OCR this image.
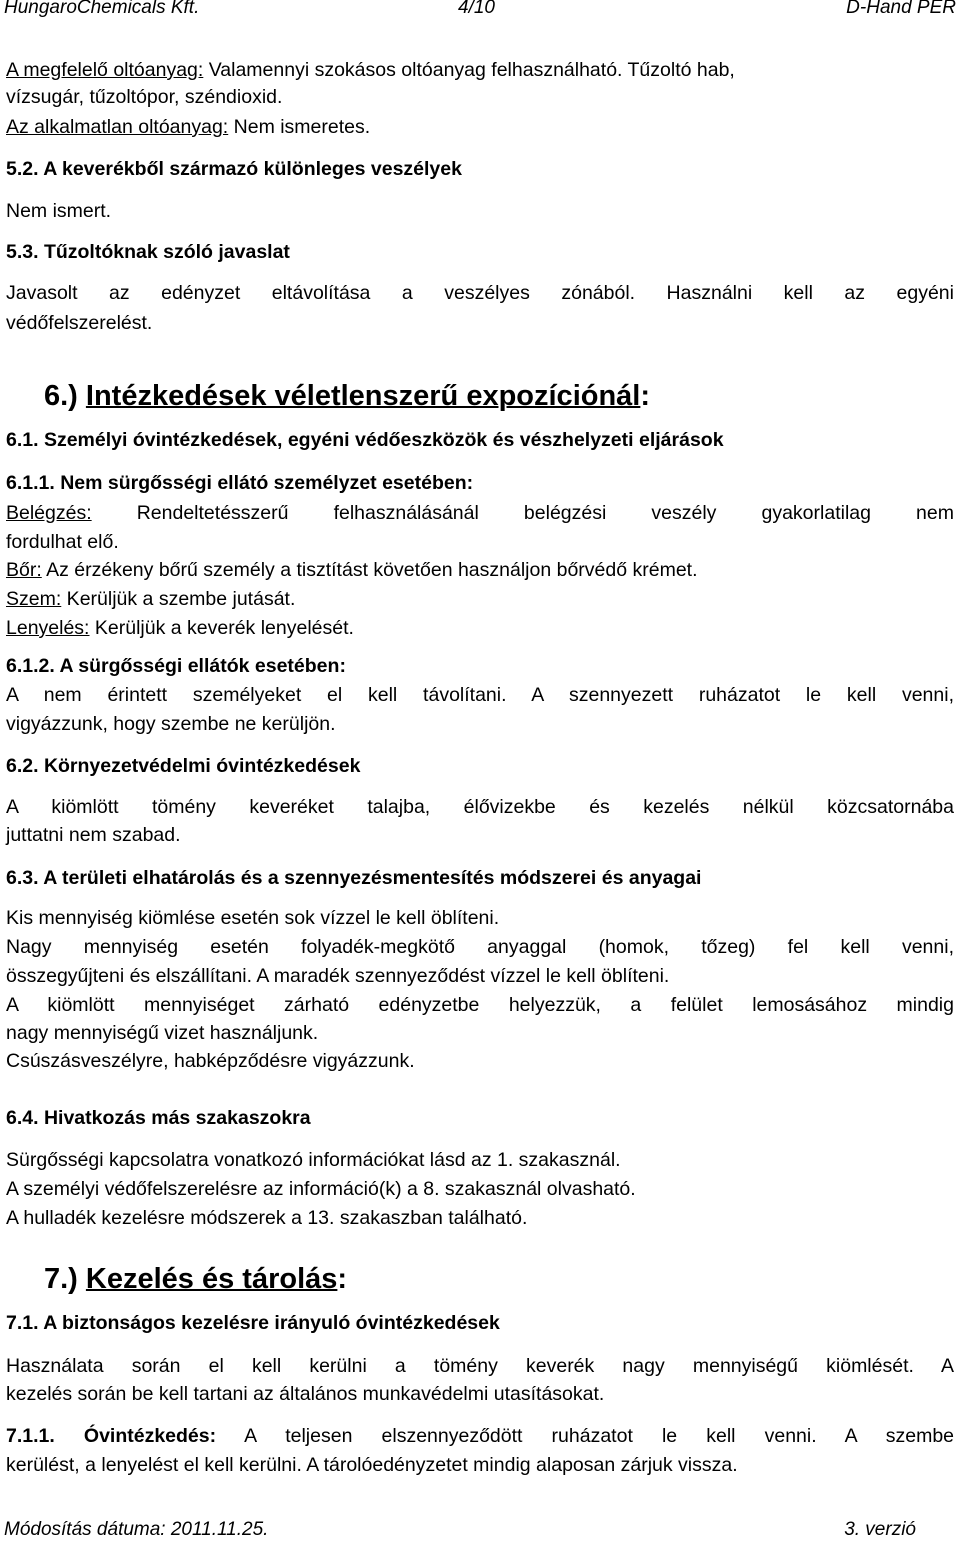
HungaroChemicals Kft.	4/10	D-Hand PER
A megfelelő oltóanyag: Valamennyi szokásos oltóanyag felhasználható. Tűzoltó hab,
vízsugár, tűzoltópor, széndioxid.
Az alkalmatlan oltóanyag: Nem ismeretes.
5.2. A keverékből származó különleges veszélyek
Nem ismert.
5.3. Tűzoltóknak szóló javaslat
Javasolt az edényzet eltávolítása a veszélyes zónából. Használni kell az egyéni
védőfelszerelést.
6.) Intézkedések véletlenszerű expozíciónál:
6.1. Személyi óvintézkedések, egyéni védőeszközök és vészhelyzeti eljárások
6.1.1. Nem sürgősségi ellátó személyzet esetében:
Belégzés: Rendeltetésszerű felhasználásánál belégzési veszély gyakorlatilag nem
fordulhat elő.
Bőr: Az érzékeny bőrű személy a tisztítást követően használjon bőrvédő krémet.
Szem: Kerüljük a szembe jutását.
Lenyelés: Kerüljük a keverék lenyelését.
6.1.2. A sürgősségi ellátók esetében:
A nem érintett személyeket el kell távolítani. A szennyezett ruházatot le kell venni,
vigyázzunk, hogy szembe ne kerüljön.
6.2. Környezetvédelmi óvintézkedések
A kiömlött tömény keveréket talajba, élővizekbe és kezelés nélkül közcsatornába
juttatni nem szabad.
6.3. A területi elhatárolás és a szennyezésmentesítés módszerei és anyagai
Kis mennyiség kiömlése esetén sok vízzel le kell öblíteni.
Nagy mennyiség esetén folyadék-megkötő anyaggal (homok, tőzeg) fel kell venni,
összegyűjteni és elszállítani. A maradék szennyeződést vízzel le kell öblíteni.
A kiömlött mennyiséget zárható edényzetbe helyezzük, a felület lemosásához mindig
nagy mennyiségű vizet használjunk.
Csúszásveszélyre, habképződésre vigyázzunk.
6.4. Hivatkozás más szakaszokra
Sürgősségi kapcsolatra vonatkozó információkat lásd az 1. szakasznál.
A személyi védőfelszerelésre az információ(k) a 8. szakasznál olvasható.
A hulladék kezelésre módszerek a 13. szakaszban található.
7.) Kezelés és tárolás:
7.1. A biztonságos kezelésre irányuló óvintézkedések
Használata során el kell kerülni a tömény keverék nagy mennyiségű kiömlését. A
kezelés során be kell tartani az általános munkavédelmi utasításokat.
7.1.1. Óvintézkedés: A teljesen elszennyeződött ruházatot le kell venni. A szembe
kerülést, a lenyelést el kell kerülni. A tárolóedényzetet mindig alaposan zárjuk vissza.
Módosítás dátuma: 2011.11.25.	3. verzió
